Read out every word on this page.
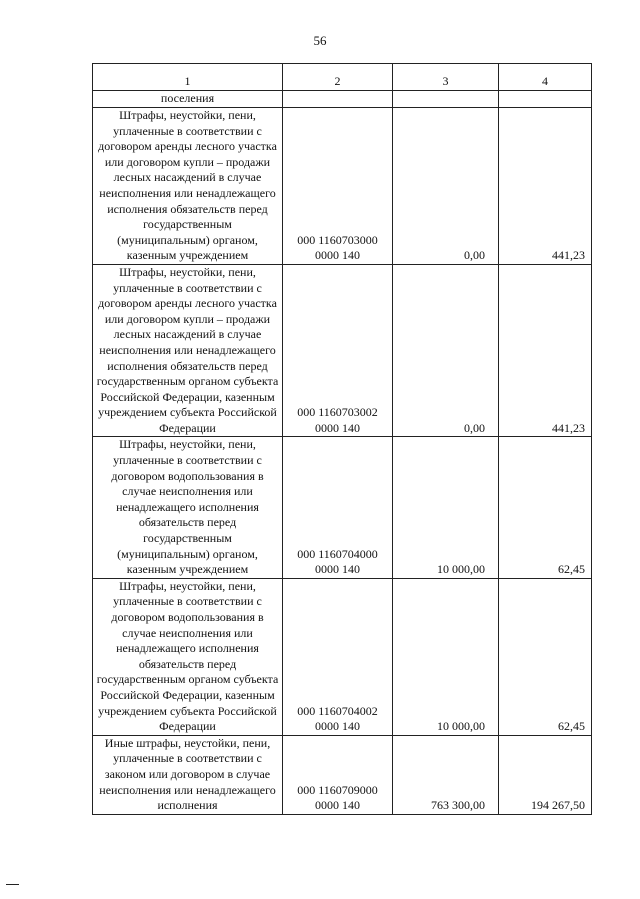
56
1	2	3	4
поселения			
Штрафы, неустойки, пени, уплаченные в соответствии с договором аренды лесного участка или договором купли – продажи лесных насаждений в случае неисполнения или ненадлежащего исполнения обязательств перед государственным (муниципальным) органом, казенным учреждением	000 1160703000 0000 140	0,00	441,23
Штрафы, неустойки, пени, уплаченные в соответствии с договором аренды лесного участка или договором купли – продажи лесных насаждений в случае неисполнения или ненадлежащего исполнения обязательств перед государственным органом субъекта Российской Федерации, казенным учреждением субъекта Российской Федерации	000 1160703002 0000 140	0,00	441,23
Штрафы, неустойки, пени, уплаченные в соответствии с договором водопользования в случае неисполнения или ненадлежащего исполнения обязательств перед государственным (муниципальным) органом, казенным учреждением	000 1160704000 0000 140	10 000,00	62,45
Штрафы, неустойки, пени, уплаченные в соответствии с договором водопользования в случае неисполнения или ненадлежащего исполнения обязательств перед государственным органом субъекта Российской Федерации, казенным учреждением субъекта Российской Федерации	000 1160704002 0000 140	10 000,00	62,45
Иные штрафы, неустойки, пени, уплаченные в соответствии с законом или договором в случае неисполнения или ненадлежащего исполнения	000 1160709000 0000 140	763 300,00	194 267,50
